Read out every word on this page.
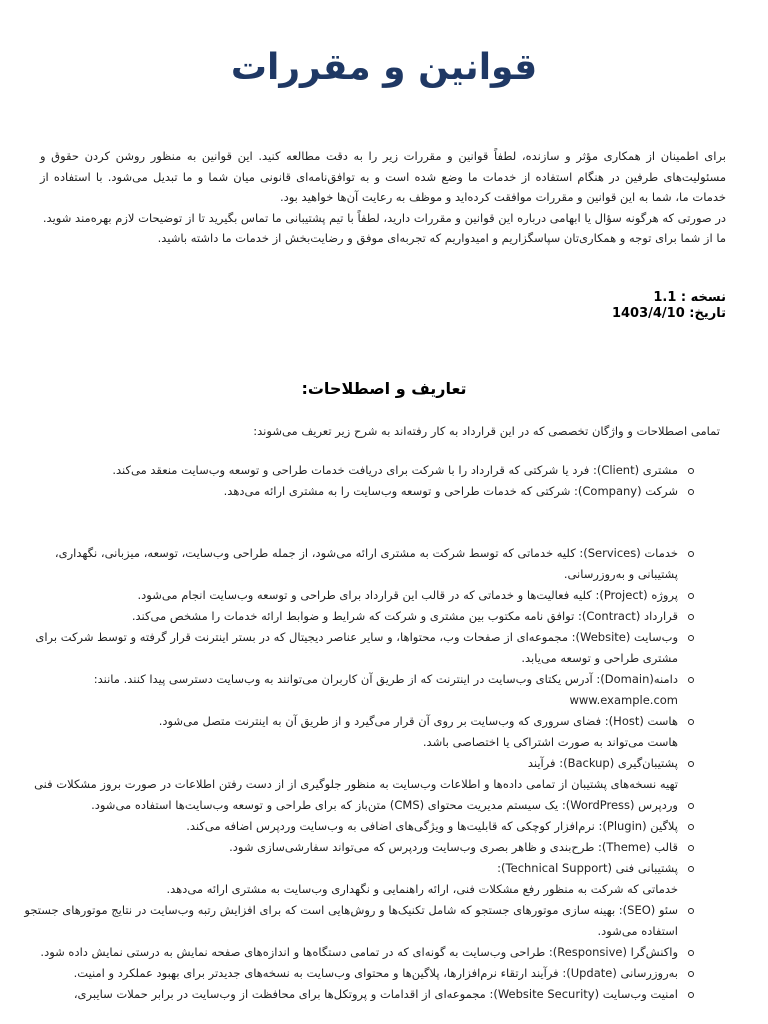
قوانین و مقررات

برای اطمینان از همکاری مؤثر و سازنده، لطفاً قوانین و مقررات زیر را به دقت مطالعه کنید. این قوانین به منظور روشن کردن حقوق و مسئولیت‌های طرفین در هنگام استفاده از خدمات ما وضع شده است و به توافق‌نامه‌ای قانونی میان شما و ما تبدیل می‌شود. با استفاده از خدمات ما، شما به این قوانین و مقررات موافقت کرده‌اید و موظف به رعایت آن‌ها خواهید بود.

در صورتی که هرگونه سؤال یا ابهامی درباره این قوانین و مقررات دارید، لطفاً با تیم پشتیبانی ما تماس بگیرید تا از توضیحات لازم بهره‌مند شوید.

ما از شما برای توجه و همکاری‌تان سپاسگزاریم و امیدواریم که تجربه‌ای موفق و رضایت‌بخش از خدمات ما داشته باشید.

نسخه : 1.1
تاریخ: 1403/4/10
تعاریف و اصطلاحات:

تمامی اصطلاحات و واژگان تخصصی که در این قرارداد به کار رفته‌اند به شرح زیر تعریف می‌شوند:

مشتری (Client): فرد یا شرکتی که قرارداد را با شرکت برای دریافت خدمات طراحی و توسعه وب‌سایت منعقد می‌کند.
شرکت (Company): شرکتی که خدمات طراحی و توسعه وب‌سایت را به مشتری ارائه می‌دهد.
خدمات (Services): کلیه خدماتی که توسط شرکت به مشتری ارائه می‌شود، از جمله طراحی وب‌سایت، توسعه، میزبانی، نگهداری، پشتیبانی و به‌روزرسانی.
پروژه (Project): کلیه فعالیت‌ها و خدماتی که در قالب این قرارداد برای طراحی و توسعه وب‌سایت انجام می‌شود.
قرارداد (Contract): توافق نامه مکتوب بین مشتری و شرکت که شرایط و ضوابط ارائه خدمات را مشخص می‌کند.
وب‌سایت (Website): مجموعه‌ای از صفحات وب، محتواها، و سایر عناصر دیجیتال که در بستر اینترنت قرار گرفته و توسط شرکت برای مشتری طراحی و توسعه می‌یابد.
دامنه(Domain): آدرس یکتای وب‌سایت در اینترنت که از طریق آن کاربران می‌توانند به وب‌سایت دسترسی پیدا کنند. مانند: www.example.com
هاست (Host): فضای سروری که وب‌سایت بر روی آن قرار می‌گیرد و از طریق آن به اینترنت متصل می‌شود.
هاست می‌تواند به صورت اشتراکی یا اختصاصی باشد.
پشتیبان‌گیری (Backup): فرآیند
تهیه نسخه‌های پشتیبان از تمامی داده‌ها و اطلاعات وب‌سایت به منظور جلوگیری از از دست رفتن اطلاعات در صورت بروز مشکلات فنی
وردپرس (WordPress): یک سیستم مدیریت محتوای (CMS) متن‌باز که برای طراحی و توسعه وب‌سایت‌ها استفاده می‌شود.
پلاگین (Plugin): نرم‌افزار کوچکی که قابلیت‌ها و ویژگی‌های اضافی به وب‌سایت وردپرس اضافه می‌کند.
قالب (Theme): طرح‌بندی و ظاهر بصری وب‌سایت وردپرس که می‌تواند سفارشی‌سازی شود.
پشتیبانی فنی (Technical Support):
خدماتی که شرکت به منظور رفع مشکلات فنی، ارائه راهنمایی و نگهداری وب‌سایت به مشتری ارائه می‌دهد.
سئو (SEO): بهینه سازی موتورهای جستجو که شامل تکنیک‌ها و روش‌هایی است که برای افزایش رتبه وب‌سایت در نتایج موتورهای جستجو استفاده می‌شود.
واکنش‌گرا (Responsive): طراحی وب‌سایت به گونه‌ای که در تمامی دستگاه‌ها و اندازه‌های صفحه نمایش به درستی نمایش داده شود.
به‌روزرسانی (Update): فرآیند ارتقاء نرم‌افزارها، پلاگین‌ها و محتوای وب‌سایت به نسخه‌های جدیدتر برای بهبود عملکرد و امنیت.
امنیت وب‌سایت (Website Security): مجموعه‌ای از اقدامات و پروتکل‌ها برای محافظت از وب‌سایت در برابر حملات سایبری،
